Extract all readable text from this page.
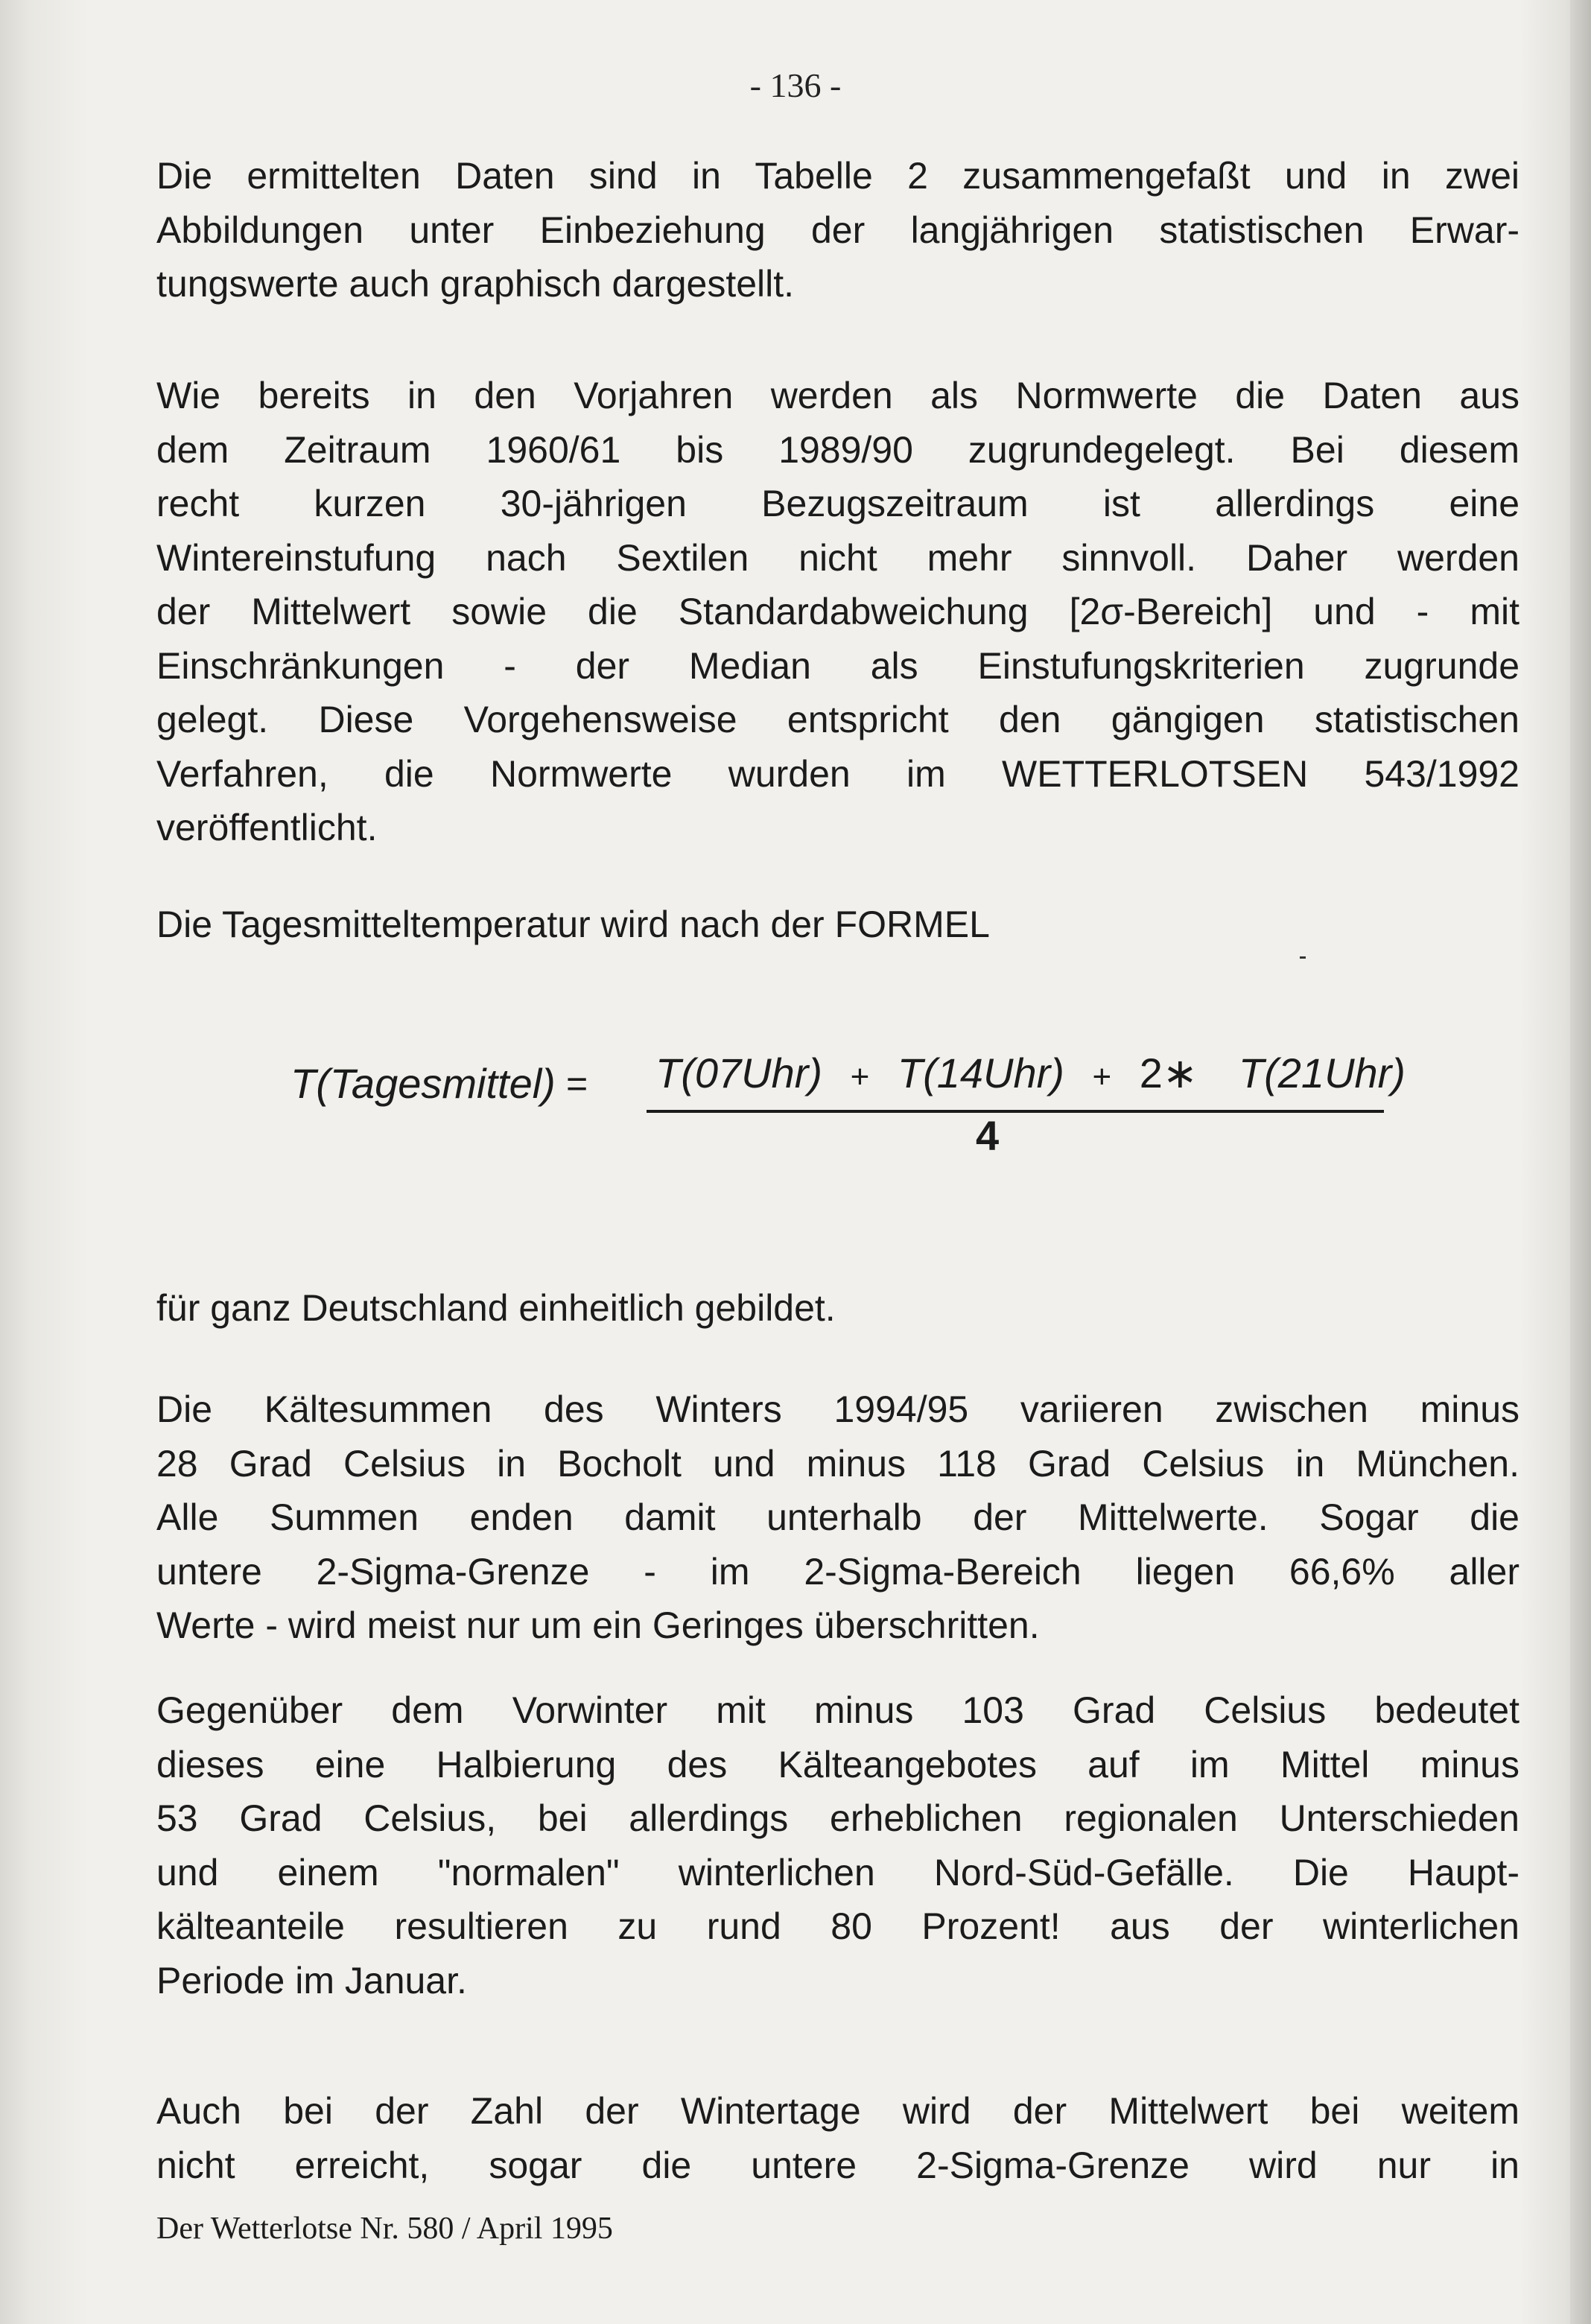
- 136 -
Die ermittelten Daten sind in Tabelle 2 zusammengefaßt und in zwei
Abbildungen unter Einbeziehung der langjährigen statistischen Erwar-
tungswerte auch graphisch dargestellt.
Wie bereits in den Vorjahren werden als Normwerte die Daten aus
dem Zeitraum 1960/61 bis 1989/90 zugrundegelegt. Bei diesem
recht kurzen 30-jährigen Bezugszeitraum ist allerdings eine
Wintereinstufung nach Sextilen nicht mehr sinnvoll. Daher werden
der Mittelwert sowie die Standardabweichung [2σ-Bereich] und - mit
Einschränkungen - der Median als Einstufungskriterien zugrunde
gelegt. Diese Vorgehensweise entspricht den gängigen statistischen
Verfahren, die Normwerte wurden im WETTERLOTSEN 543/1992
veröffentlicht.
Die Tagesmitteltemperatur wird nach der FORMEL
T(Tagesmittel) = T(07Uhr) + T(14Uhr) + 2∗ T(21Uhr)
4
für ganz Deutschland einheitlich gebildet.
Die Kältesummen des Winters 1994/95 variieren zwischen minus
28 Grad Celsius in Bocholt und minus 118 Grad Celsius in München.
Alle Summen enden damit unterhalb der Mittelwerte. Sogar die
untere 2-Sigma-Grenze - im 2-Sigma-Bereich liegen 66,6% aller
Werte - wird meist nur um ein Geringes überschritten.
Gegenüber dem Vorwinter mit minus 103 Grad Celsius bedeutet
dieses eine Halbierung des Kälteangebotes auf im Mittel minus
53 Grad Celsius, bei allerdings erheblichen regionalen Unterschieden
und einem "normalen" winterlichen Nord-Süd-Gefälle. Die Haupt-
kälteanteile resultieren zu rund 80 Prozent! aus der winterlichen
Periode im Januar.
Auch bei der Zahl der Wintertage wird der Mittelwert bei weitem
nicht erreicht, sogar die untere 2-Sigma-Grenze wird nur in
Der Wetterlotse Nr. 580 / April 1995
